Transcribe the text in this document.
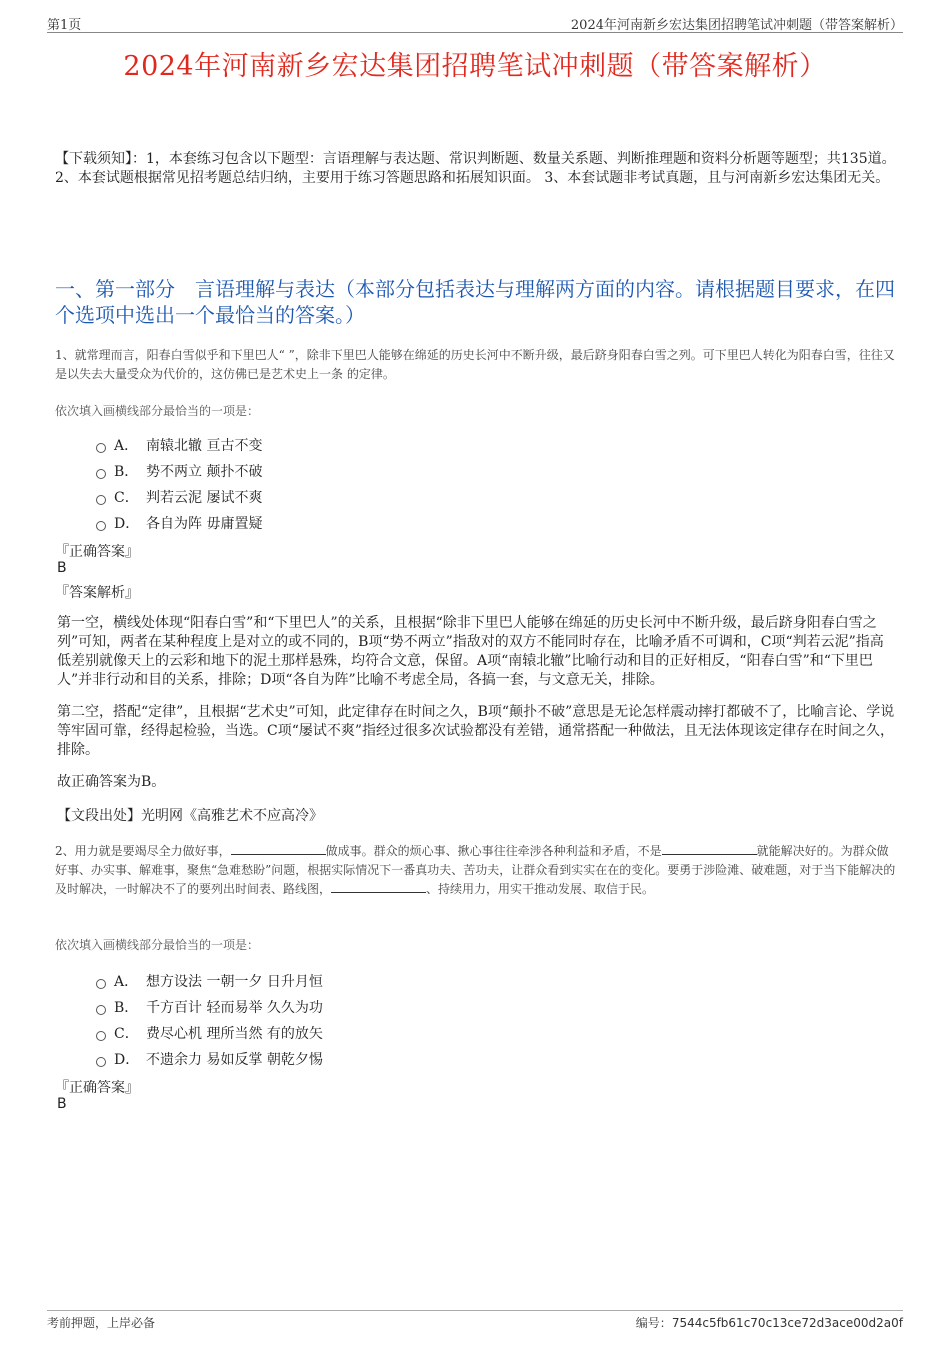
第1页	2024年河南新乡宏达集团招聘笔试冲刺题（带答案解析）
2024年河南新乡宏达集团招聘笔试冲刺题（带答案解析）
【下载须知】：1，本套练习包含以下题型：言语理解与表达题、常识判断题、数量关系题、判断推理题和资料分析题等题型；共135道。 2、本套试题根据常见招考题总结归纳，主要用于练习答题思路和拓展知识面。 3、本套试题非考试真题，且与河南新乡宏达集团无关。
一、第一部分　言语理解与表达（本部分包括表达与理解两方面的内容。请根据题目要求，在四个选项中选出一个最恰当的答案。）
1、就常理而言，阳春白雪似乎和下里巴人“ ”，除非下里巴人能够在绵延的历史长河中不断升级，最后跻身阳春白雪之列。可下里巴人转化为阳春白雪，往往又是以失去大量受众为代价的，这仿佛已是艺术史上一条 的定律。
依次填入画横线部分最恰当的一项是：
A． 南辕北辙 亘古不变
B． 势不两立 颠扑不破
C． 判若云泥 屡试不爽
D． 各自为阵 毋庸置疑
『正确答案』
B
『答案解析』
第一空，横线处体现“阳春白雪”和“下里巴人”的关系，且根据“除非下里巴人能够在绵延的历史长河中不断升级，最后跻身阳春白雪之列”可知，两者在某种程度上是对立的或不同的，B项“势不两立”指敌对的双方不能同时存在，比喻矛盾不可调和，C项“判若云泥”指高低差别就像天上的云彩和地下的泥土那样悬殊，均符合文意，保留。A项“南辕北辙”比喻行动和目的正好相反，“阳春白雪”和“下里巴人”并非行动和目的关系，排除；D项“各自为阵”比喻不考虑全局，各搞一套，与文意无关，排除。
第二空，搭配“定律”，且根据“艺术史”可知，此定律存在时间之久，B项“颠扑不破”意思是无论怎样震动摔打都破不了，比喻言论、学说等牢固可靠，经得起检验，当选。C项“屡试不爽”指经过很多次试验都没有差错，通常搭配一种做法，且无法体现该定律存在时间之久，排除。
故正确答案为B。
【文段出处】光明网《高雅艺术不应高冷》
2、用力就是要竭尽全力做好事，	做成事。群众的烦心事、揪心事往往牵涉各种利益和矛盾，不是	就能解决好的。为群众做好事、办实事、解难事，聚焦“急难愁盼”问题，根据实际情况下一番真功夫、苦功夫，让群众看到实实在在的变化。要勇于涉险滩、破难题，对于当下能解决的及时解决，一时解决不了的要列出时间表、路线图，	、持续用力，用实干推动发展、取信于民。
依次填入画横线部分最恰当的一项是：
A． 想方设法 一朝一夕 日升月恒
B． 千方百计 轻而易举 久久为功
C． 费尽心机 理所当然 有的放矢
D． 不遗余力 易如反掌 朝乾夕惕
『正确答案』
B
考前押题，上岸必备	编号：7544c5fb61c70c13ce72d3ace00d2a0f
